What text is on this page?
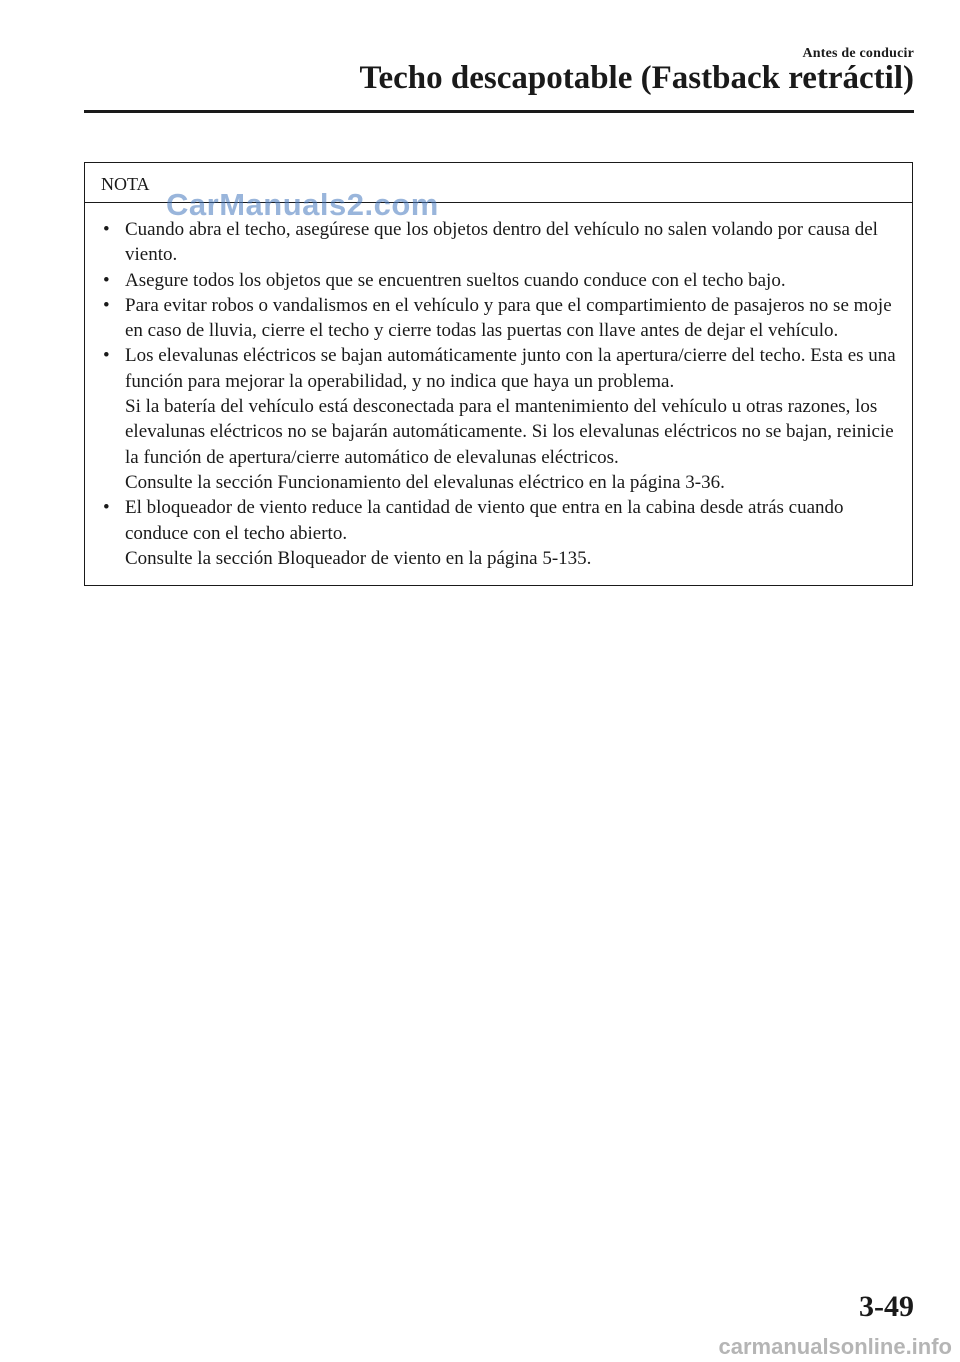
Antes de conducir
Techo descapotable (Fastback retráctil)
NOTA
• Cuando abra el techo, asegúrese que los objetos dentro del vehículo no salen volando por causa del viento.
• Asegure todos los objetos que se encuentren sueltos cuando conduce con el techo bajo.
• Para evitar robos o vandalismos en el vehículo y para que el compartimiento de pasajeros no se moje en caso de lluvia, cierre el techo y cierre todas las puertas con llave antes de dejar el vehículo.
• Los elevalunas eléctricos se bajan automáticamente junto con la apertura/cierre del techo. Esta es una función para mejorar la operabilidad, y no indica que haya un problema.
Si la batería del vehículo está desconectada para el mantenimiento del vehículo u otras razones, los elevalunas eléctricos no se bajarán automáticamente. Si los elevalunas eléctricos no se bajan, reinicie la función de apertura/cierre automático de elevalunas eléctricos.
Consulte la sección Funcionamiento del elevalunas eléctrico en la página 3-36.
• El bloqueador de viento reduce la cantidad de viento que entra en la cabina desde atrás cuando conduce con el techo abierto.
Consulte la sección Bloqueador de viento en la página 5-135.
CarManuals2.com
3-49
carmanualsonline.info
